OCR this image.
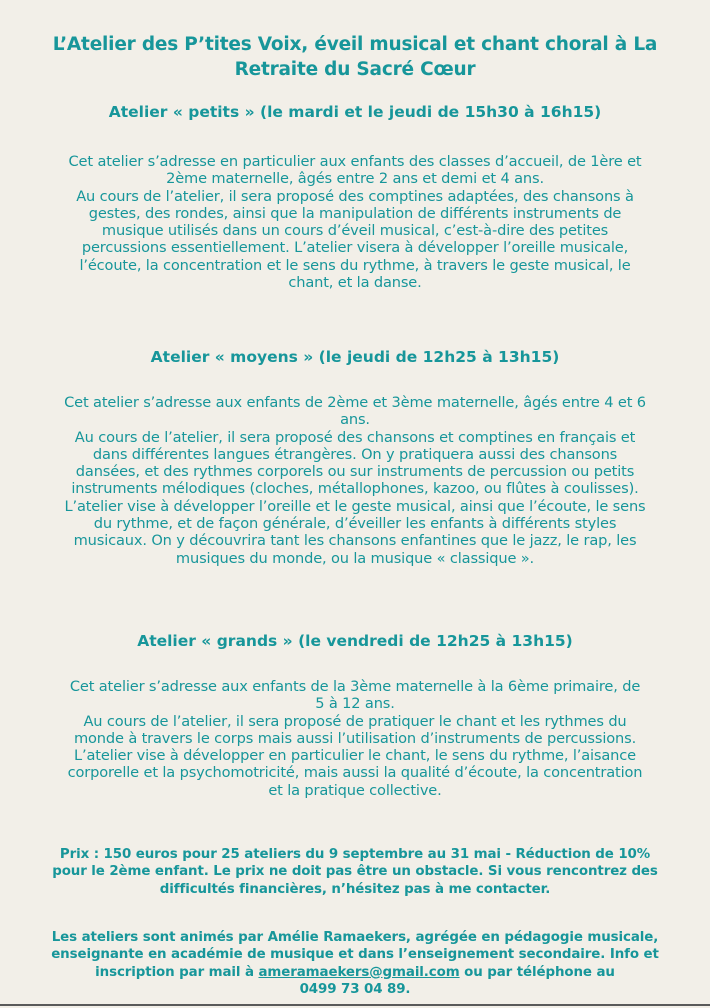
L’Atelier des P’tites Voix, éveil musical et chant choral à La
Retraite du Sacré Cœur
Atelier « petits » (le mardi et le jeudi de 15h30 à 16h15)
Cet atelier s’adresse en particulier aux enfants des classes d’accueil, de 1ère et
2ème maternelle, âgés entre 2 ans et demi et 4 ans.
Au cours de l’atelier, il sera proposé des comptines adaptées, des chansons à
gestes, des rondes, ainsi que la manipulation de différents instruments de
musique utilisés dans un cours d’éveil musical, c’est-à-dire des petites
percussions essentiellement. L’atelier visera à développer l’oreille musicale,
l’écoute, la concentration et le sens du rythme, à travers le geste musical, le
chant, et la danse.
Atelier « moyens » (le jeudi de 12h25 à 13h15)
Cet atelier s’adresse aux enfants de 2ème et 3ème maternelle, âgés entre 4 et 6
ans.
Au cours de l’atelier, il sera proposé des chansons et comptines en français et
dans différentes langues étrangères. On y pratiquera aussi des chansons
dansées, et des rythmes corporels ou sur instruments de percussion ou petits
instruments mélodiques (cloches, métallophones, kazoo, ou flûtes à coulisses).
L’atelier vise à développer l’oreille et le geste musical, ainsi que l’écoute, le sens
du rythme, et de façon générale, d’éveiller les enfants à différents styles
musicaux. On y découvrira tant les chansons enfantines que le jazz, le rap, les
musiques du monde, ou la musique « classique ».
Atelier « grands » (le vendredi de 12h25 à 13h15)
Cet atelier s’adresse aux enfants de la 3ème maternelle à la 6ème primaire, de
5 à 12 ans.
Au cours de l’atelier, il sera proposé de pratiquer le chant et les rythmes du
monde à travers le corps mais aussi l’utilisation d’instruments de percussions.
L’atelier vise à développer en particulier le chant, le sens du rythme, l’aisance
corporelle et la psychomotricité, mais aussi la qualité d’écoute, la concentration
et la pratique collective.
Prix : 150 euros pour 25 ateliers du 9 septembre au 31 mai - Réduction de 10%
pour le 2ème enfant. Le prix ne doit pas être un obstacle. Si vous rencontrez des
difficultés financières, n’hésitez pas à me contacter.
Les ateliers sont animés par Amélie Ramaekers, agrégée en pédagogie musicale,
enseignante en académie de musique et dans l’enseignement secondaire. Info et
inscription par mail à ameramaekers@gmail.com ou par téléphone au
0499 73 04 89.
